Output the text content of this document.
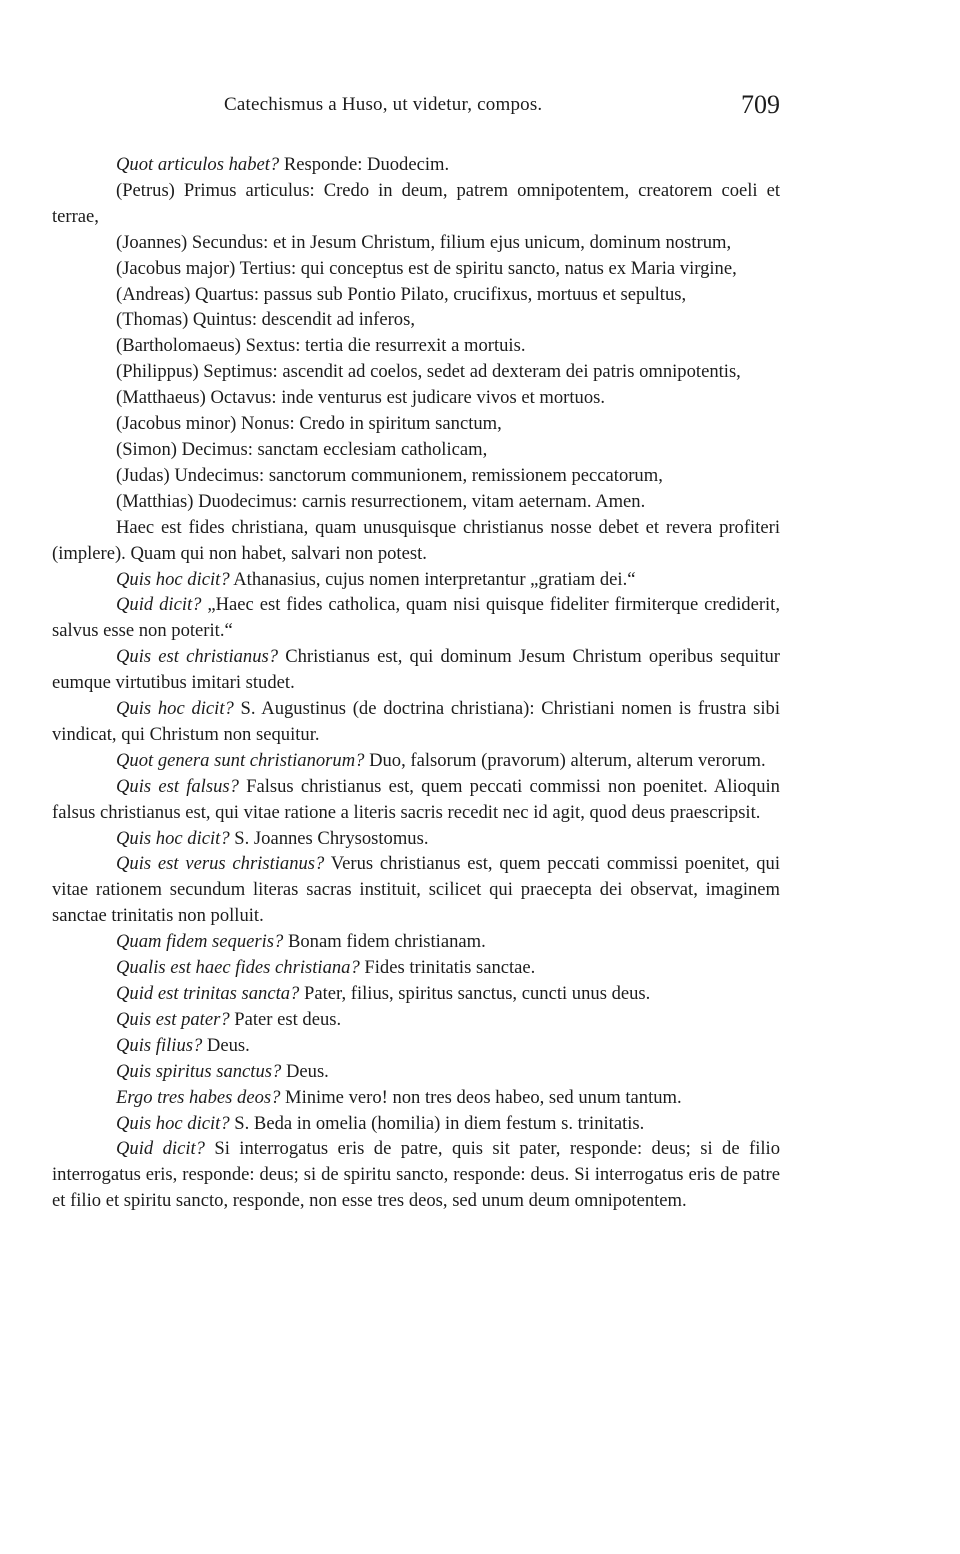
Catechismus a Huso, ut videtur, compos.	709

Quot articulos habet? Responde: Duodecim.

(Petrus) Primus articulus: Credo in deum, patrem omnipotentem, creatorem coeli et terrae,

(Joannes) Secundus: et in Jesum Christum, filium ejus unicum, dominum nostrum,

(Jacobus major) Tertius: qui conceptus est de spiritu sancto, natus ex Maria virgine,

(Andreas) Quartus: passus sub Pontio Pilato, crucifixus, mortuus et sepultus,

(Thomas) Quintus: descendit ad inferos,

(Bartholomaeus) Sextus: tertia die resurrexit a mortuis.

(Philippus) Septimus: ascendit ad coelos, sedet ad dexteram dei patris omnipotentis,

(Matthaeus) Octavus: inde venturus est judicare vivos et mortuos.

(Jacobus minor) Nonus: Credo in spiritum sanctum,

(Simon) Decimus: sanctam ecclesiam catholicam,

(Judas) Undecimus: sanctorum communionem, remissionem peccatorum,

(Matthias) Duodecimus: carnis resurrectionem, vitam aeternam. Amen.

Haec est fides christiana, quam unusquisque christianus nosse debet et revera profiteri (implere). Quam qui non habet, salvari non potest.

Quis hoc dicit? Athanasius, cujus nomen interpretantur „gratiam dei.“

Quid dicit? „Haec est fides catholica, quam nisi quisque fideliter firmiterque crediderit, salvus esse non poterit.“

Quis est christianus? Christianus est, qui dominum Jesum Christum operibus sequitur eumque virtutibus imitari studet.

Quis hoc dicit? S. Augustinus (de doctrina christiana): Christiani nomen is frustra sibi vindicat, qui Christum non sequitur.

Quot genera sunt christianorum? Duo, falsorum (pravorum) alterum, alterum verorum.

Quis est falsus? Falsus christianus est, quem peccati commissi non poenitet. Alioquin falsus christianus est, qui vitae ratione a literis sacris recedit nec id agit, quod deus praescripsit.

Quis hoc dicit? S. Joannes Chrysostomus.

Quis est verus christianus? Verus christianus est, quem peccati commissi poenitet, qui vitae rationem secundum literas sacras instituit, scilicet qui praecepta dei observat, imaginem sanctae trinitatis non polluit.

Quam fidem sequeris? Bonam fidem christianam.

Qualis est haec fides christiana? Fides trinitatis sanctae.

Quid est trinitas sancta? Pater, filius, spiritus sanctus, cuncti unus deus.

Quis est pater? Pater est deus.

Quis filius? Deus.

Quis spiritus sanctus? Deus.

Ergo tres habes deos? Minime vero! non tres deos habeo, sed unum tantum.

Quis hoc dicit? S. Beda in omelia (homilia) in diem festum s. trinitatis.

Quid dicit? Si interrogatus eris de patre, quis sit pater, responde: deus; si de filio interrogatus eris, responde: deus; si de spiritu sancto, responde: deus. Si interrogatus eris de patre et filio et spiritu sancto, responde, non esse tres deos, sed unum deum omnipotentem.
